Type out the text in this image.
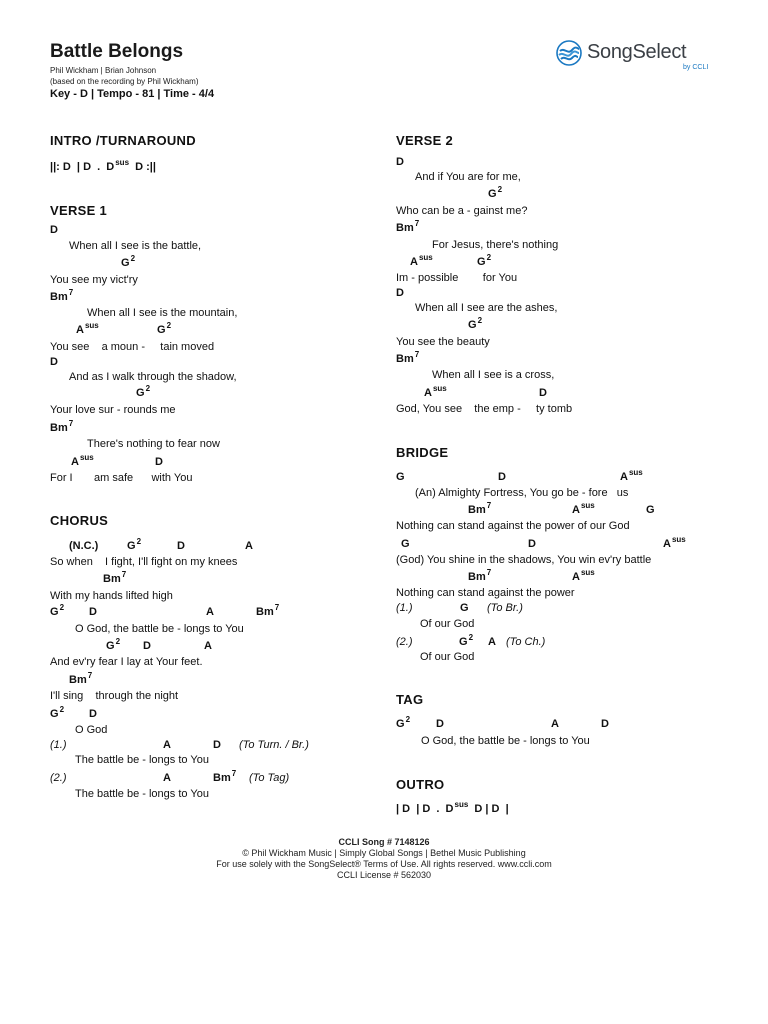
Battle Belongs
Phil Wickham | Brian Johnson
(based on the recording by Phil Wickham)
Key - D | Tempo - 81 | Time - 4/4
SongSelect
by CCLI
INTRO /TURNAROUND
||: D  | D  .  $D^{sus}$  D :||
OUTRO
| D  | D  .  $D^{sus}$  D | D  |
CCLI Song # 7148126
© Phil Wickham Music | Simply Global Songs | Bethel Music Publishing
For use solely with the SongSelect® Terms of Use. All rights reserved. www.ccli.com
CCLI License # 562030
VERSE 1
D
When all I see is the battle,
$G^2$
You see my vict'ry
Bm$^7$
When all I see is the mountain,
$A^{sus}$	$G^2$
You see    a moun -     tain moved
D
And as I walk through the shadow,
$G^2$
Your love sur - rounds me
Bm$^7$
There's nothing to fear now
$A^{sus}$	D
For I       am safe      with You
CHORUS
(N.C.)	$G^2$	D	A
So when    I fight, I'll fight on my knees
Bm$^7$
With my hands lifted high
$G^2$ D	A	Bm$^7$
O God, the battle be - longs to You
$G^2$ D	A
And ev'ry fear I lay at Your feet.
Bm$^7$
I'll sing    through the night
$G^2$ D
O God
(1.)	A	D (To Turn. / Br.)
The battle be - longs to You
(2.)	A	Bm$^7$ (To Tag)
The battle be - longs to You
VERSE 2
D
And if You are for me,
$G^2$
Who can be a - gainst me?
Bm$^7$
For Jesus, there's nothing
$A^{sus}$	$G^2$
Im - possible        for You
D
When all I see are the ashes,
$G^2$
You see the beauty
Bm$^7$
When all I see is a cross,
$A^{sus}$	D
God, You see    the emp -     ty tomb
BRIDGE
G	D	$A^{sus}$
(An) Almighty Fortress, You go be - fore   us
Bm$^7$	$A^{sus}$	G
Nothing can stand against the power of our God
G	D	$A^{sus}$
(God) You shine in the shadows, You win ev'ry battle
Bm$^7$	$A^{sus}$
Nothing can stand against the power
(1.)	G (To Br.)
Of our God
(2.)	$G^2$ A (To Ch.)
Of our God
TAG
$G^2$ D	A	D
O God, the battle be - longs to You
